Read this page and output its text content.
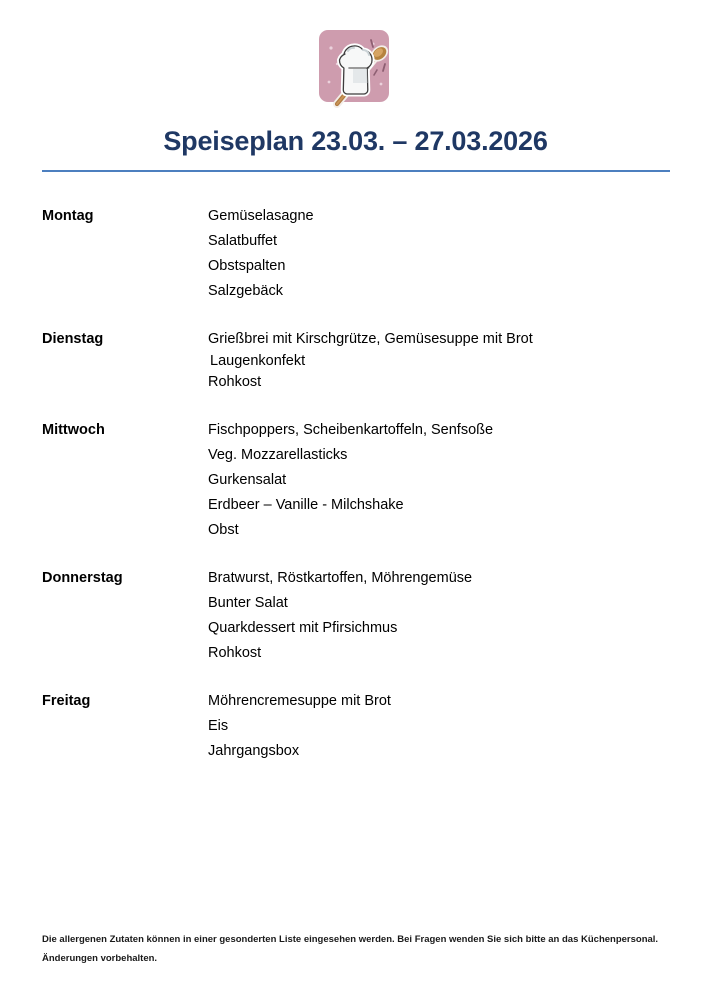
Speiseplan 23.03. – 27.03.2026
Montag	Gemüselasagne
Salatbuffet
Obstspalten
Salzgebäck
Dienstag	Grießbrei mit Kirschgrütze, Gemüsesuppe mit Brot
Laugenkonfekt
Rohkost
Mittwoch	Fischpoppers, Scheibenkartoffeln, Senfsoße
Veg. Mozzarellasticks
Gurkensalat
Erdbeer – Vanille - Milchshake
Obst
Donnerstag	Bratwurst, Röstkartoffen, Möhrengemüse
Bunter Salat
Quarkdessert mit Pfirsichmus
Rohkost
Freitag	Möhrencremesuppe mit Brot
Eis
Jahrgangsbox
Die allergenen Zutaten können in einer gesonderten Liste eingesehen werden. Bei Fragen wenden Sie sich bitte an das Küchenpersonal.
Änderungen vorbehalten.
